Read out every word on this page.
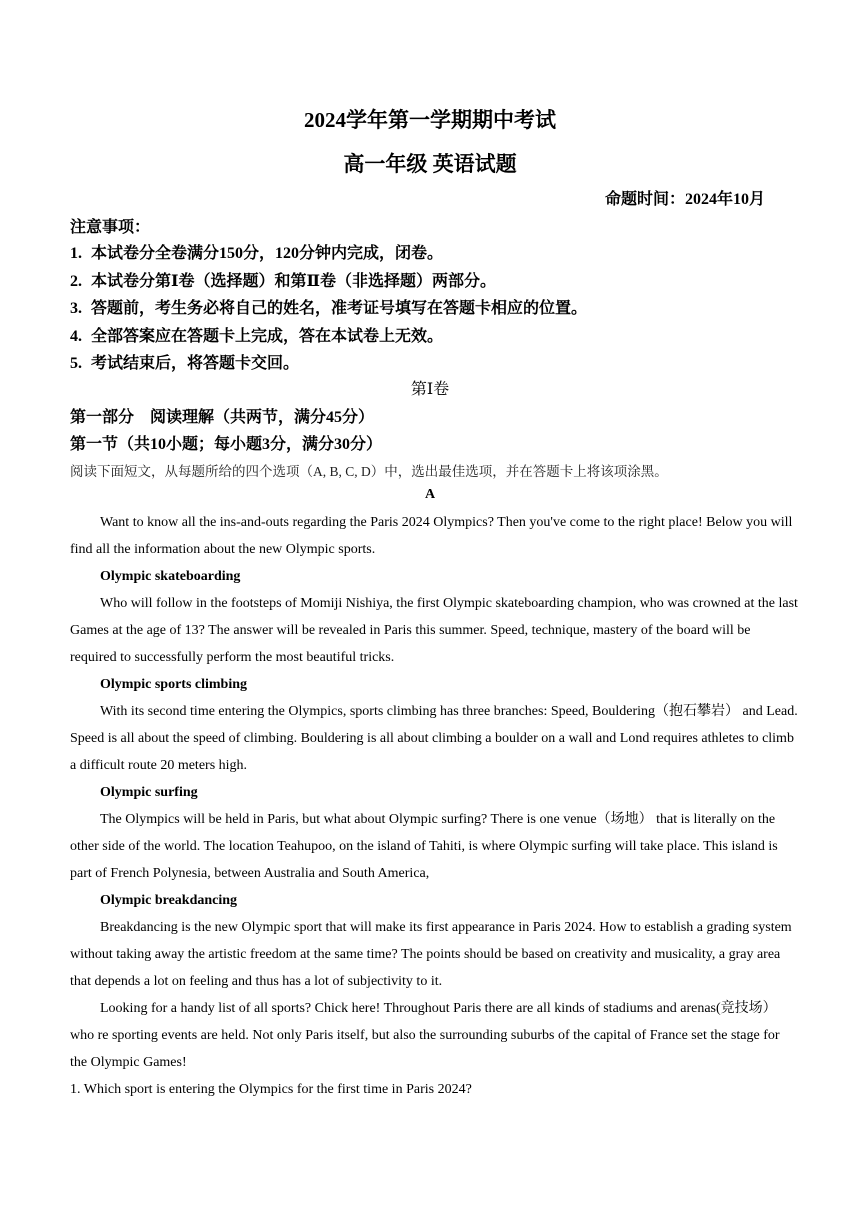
2024学年第一学期期中考试
高一年级 英语试题
命题时间：2024年10月
注意事项：
1. 本试卷分全卷满分150分，120分钟内完成，闭卷。
2. 本试卷分第Ⅰ卷（选择题）和第Ⅱ卷（非选择题）两部分。
3. 答题前，考生务必将自己的姓名，准考证号填写在答题卡相应的位置。
4. 全部答案应在答题卡上完成，答在本试卷上无效。
5. 考试结束后，将答题卡交回。
第Ⅰ卷
第一部分　阅读理解（共两节，满分45分）
第一节（共10小题；每小题3分，满分30分）
阅读下面短文，从每题所给的四个选项（A, B, C, D）中，选出最佳选项，并在答题卡上将该项涂黑。
A

Want to know all the ins-and-outs regarding the Paris 2024 Olympics? Then you've come to the right place! Below you will find all the information about the new Olympic sports.

Olympic skateboarding

Who will follow in the footsteps of Momiji Nishiya, the first Olympic skateboarding champion, who was crowned at the last Games at the age of 13? The answer will be revealed in Paris this summer. Speed, technique, mastery of the board will be required to successfully perform the most beautiful tricks.

Olympic sports climbing

With its second time entering the Olympics, sports climbing has three branches: Speed, Bouldering（抱石攀岩） and Lead. Speed is all about the speed of climbing. Bouldering is all about climbing a boulder on a wall and Lond requires athletes to climb a difficult route 20 meters high.

Olympic surfing

The Olympics will be held in Paris, but what about Olympic surfing? There is one venue（场地） that is literally on the other side of the world. The location Teahupoo, on the island of Tahiti, is where Olympic surfing will take place. This island is part of French Polynesia, between Australia and South America,

Olympic breakdancing

Breakdancing is the new Olympic sport that will make its first appearance in Paris 2024. How to establish a grading system without taking away the artistic freedom at the same time? The points should be based on creativity and musicality, a gray area that depends a lot on feeling and thus has a lot of subjectivity to it.

Looking for a handy list of all sports? Chick here! Throughout Paris there are all kinds of stadiums and arenas(竞技场） who re sporting events are held. Not only Paris itself, but also the surrounding suburbs of the capital of France set the stage for the Olympic Games!

1. Which sport is entering the Olympics for the first time in Paris 2024?
